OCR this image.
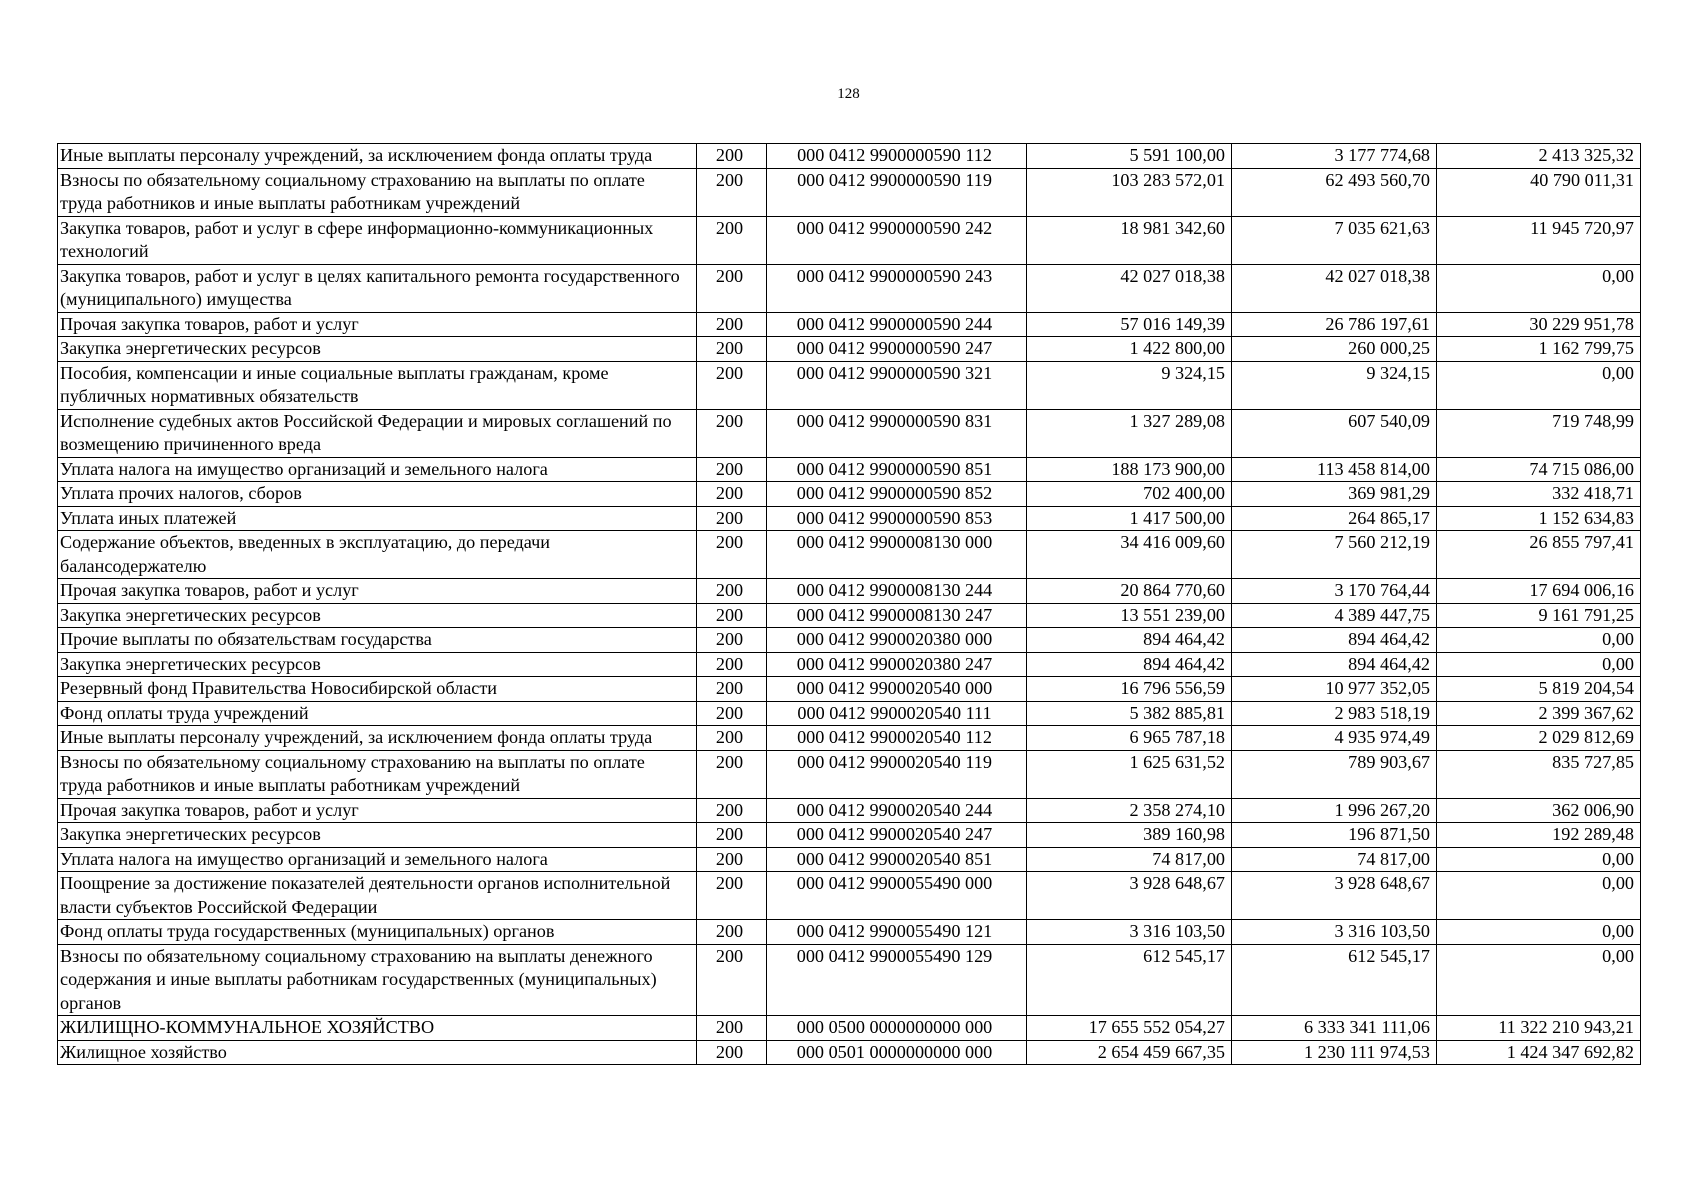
128
Иные выплаты персоналу учреждений, за исключением фонда оплаты труда	200	000 0412 9900000590 112	5 591 100,00	3 177 774,68	2 413 325,32
Взносы по обязательному социальному страхованию на выплаты по оплате труда работников и иные выплаты работникам учреждений	200	000 0412 9900000590 119	103 283 572,01	62 493 560,70	40 790 011,31
Закупка товаров, работ и услуг в сфере информационно-коммуникационных технологий	200	000 0412 9900000590 242	18 981 342,60	7 035 621,63	11 945 720,97
Закупка товаров, работ и услуг в целях капитального ремонта государственного (муниципального) имущества	200	000 0412 9900000590 243	42 027 018,38	42 027 018,38	0,00
Прочая закупка товаров, работ и услуг	200	000 0412 9900000590 244	57 016 149,39	26 786 197,61	30 229 951,78
Закупка энергетических ресурсов	200	000 0412 9900000590 247	1 422 800,00	260 000,25	1 162 799,75
Пособия, компенсации и иные социальные выплаты гражданам, кроме публичных нормативных обязательств	200	000 0412 9900000590 321	9 324,15	9 324,15	0,00
Исполнение судебных актов Российской Федерации и мировых соглашений по возмещению причиненного вреда	200	000 0412 9900000590 831	1 327 289,08	607 540,09	719 748,99
Уплата налога на имущество организаций и земельного налога	200	000 0412 9900000590 851	188 173 900,00	113 458 814,00	74 715 086,00
Уплата прочих налогов, сборов	200	000 0412 9900000590 852	702 400,00	369 981,29	332 418,71
Уплата иных платежей	200	000 0412 9900000590 853	1 417 500,00	264 865,17	1 152 634,83
Содержание объектов, введенных в эксплуатацию, до передачи балансодержателю	200	000 0412 9900008130 000	34 416 009,60	7 560 212,19	26 855 797,41
Прочая закупка товаров, работ и услуг	200	000 0412 9900008130 244	20 864 770,60	3 170 764,44	17 694 006,16
Закупка энергетических ресурсов	200	000 0412 9900008130 247	13 551 239,00	4 389 447,75	9 161 791,25
Прочие выплаты по обязательствам государства	200	000 0412 9900020380 000	894 464,42	894 464,42	0,00
Закупка энергетических ресурсов	200	000 0412 9900020380 247	894 464,42	894 464,42	0,00
Резервный фонд Правительства Новосибирской области	200	000 0412 9900020540 000	16 796 556,59	10 977 352,05	5 819 204,54
Фонд оплаты труда учреждений	200	000 0412 9900020540 111	5 382 885,81	2 983 518,19	2 399 367,62
Иные выплаты персоналу учреждений, за исключением фонда оплаты труда	200	000 0412 9900020540 112	6 965 787,18	4 935 974,49	2 029 812,69
Взносы по обязательному социальному страхованию на выплаты по оплате труда работников и иные выплаты работникам учреждений	200	000 0412 9900020540 119	1 625 631,52	789 903,67	835 727,85
Прочая закупка товаров, работ и услуг	200	000 0412 9900020540 244	2 358 274,10	1 996 267,20	362 006,90
Закупка энергетических ресурсов	200	000 0412 9900020540 247	389 160,98	196 871,50	192 289,48
Уплата налога на имущество организаций и земельного налога	200	000 0412 9900020540 851	74 817,00	74 817,00	0,00
Поощрение за достижение показателей деятельности органов исполнительной власти субъектов Российской Федерации	200	000 0412 9900055490 000	3 928 648,67	3 928 648,67	0,00
Фонд оплаты труда государственных (муниципальных) органов	200	000 0412 9900055490 121	3 316 103,50	3 316 103,50	0,00
Взносы по обязательному социальному страхованию на выплаты денежного содержания и иные выплаты работникам государственных (муниципальных) органов	200	000 0412 9900055490 129	612 545,17	612 545,17	0,00
ЖИЛИЩНО-КОММУНАЛЬНОЕ ХОЗЯЙСТВО	200	000 0500 0000000000 000	17 655 552 054,27	6 333 341 111,06	11 322 210 943,21
Жилищное хозяйство	200	000 0501 0000000000 000	2 654 459 667,35	1 230 111 974,53	1 424 347 692,82
